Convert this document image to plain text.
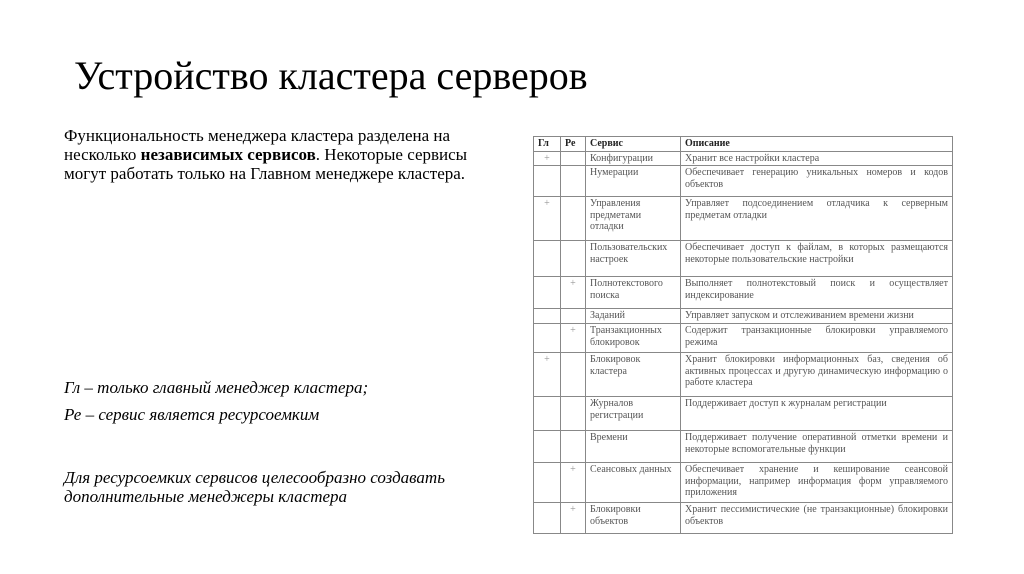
Устройство кластера серверов
Функциональность менеджера кластера разделена на несколько независимых сервисов. Некоторые сервисы могут работать только на Главном менеджере кластера.
Гл – только главный менеджер кластера;
Ре – сервис является ресурсоемким
Для ресурсоемких сервисов целесообразно создавать дополнительные менеджеры кластера
Гл	Ре	Сервис	Описание
+		Конфигурации	Хранит все настройки кластера
		Нумерации	Обеспечивает генерацию уникальных номеров и кодов объектов
+		Управления предметами отладки	Управляет подсоединением отладчика к серверным предметам отладки
		Пользовательских настроек	Обеспечивает доступ к файлам, в которых размещаются некоторые пользовательские настройки
	+	Полнотекстового поиска	Выполняет полнотекстовый поиск и осуществляет индексирование
		Заданий	Управляет запуском и отслеживанием времени жизни
	+	Транзакционных блокировок	Содержит транзакционные блокировки управляемого режима
+		Блокировок кластера	Хранит блокировки информационных баз, сведения об активных процессах и другую динамическую информацию о работе кластера
		Журналов регистрации	Поддерживает доступ к журналам регистрации
		Времени	Поддерживает получение оперативной отметки времени и некоторые вспомогательные функции
	+	Сеансовых данных	Обеспечивает хранение и кеширование сеансовой информации, например информация форм управляемого приложения
	+	Блокировки объектов	Хранит пессимистические (не транзакционные) блокировки объектов
